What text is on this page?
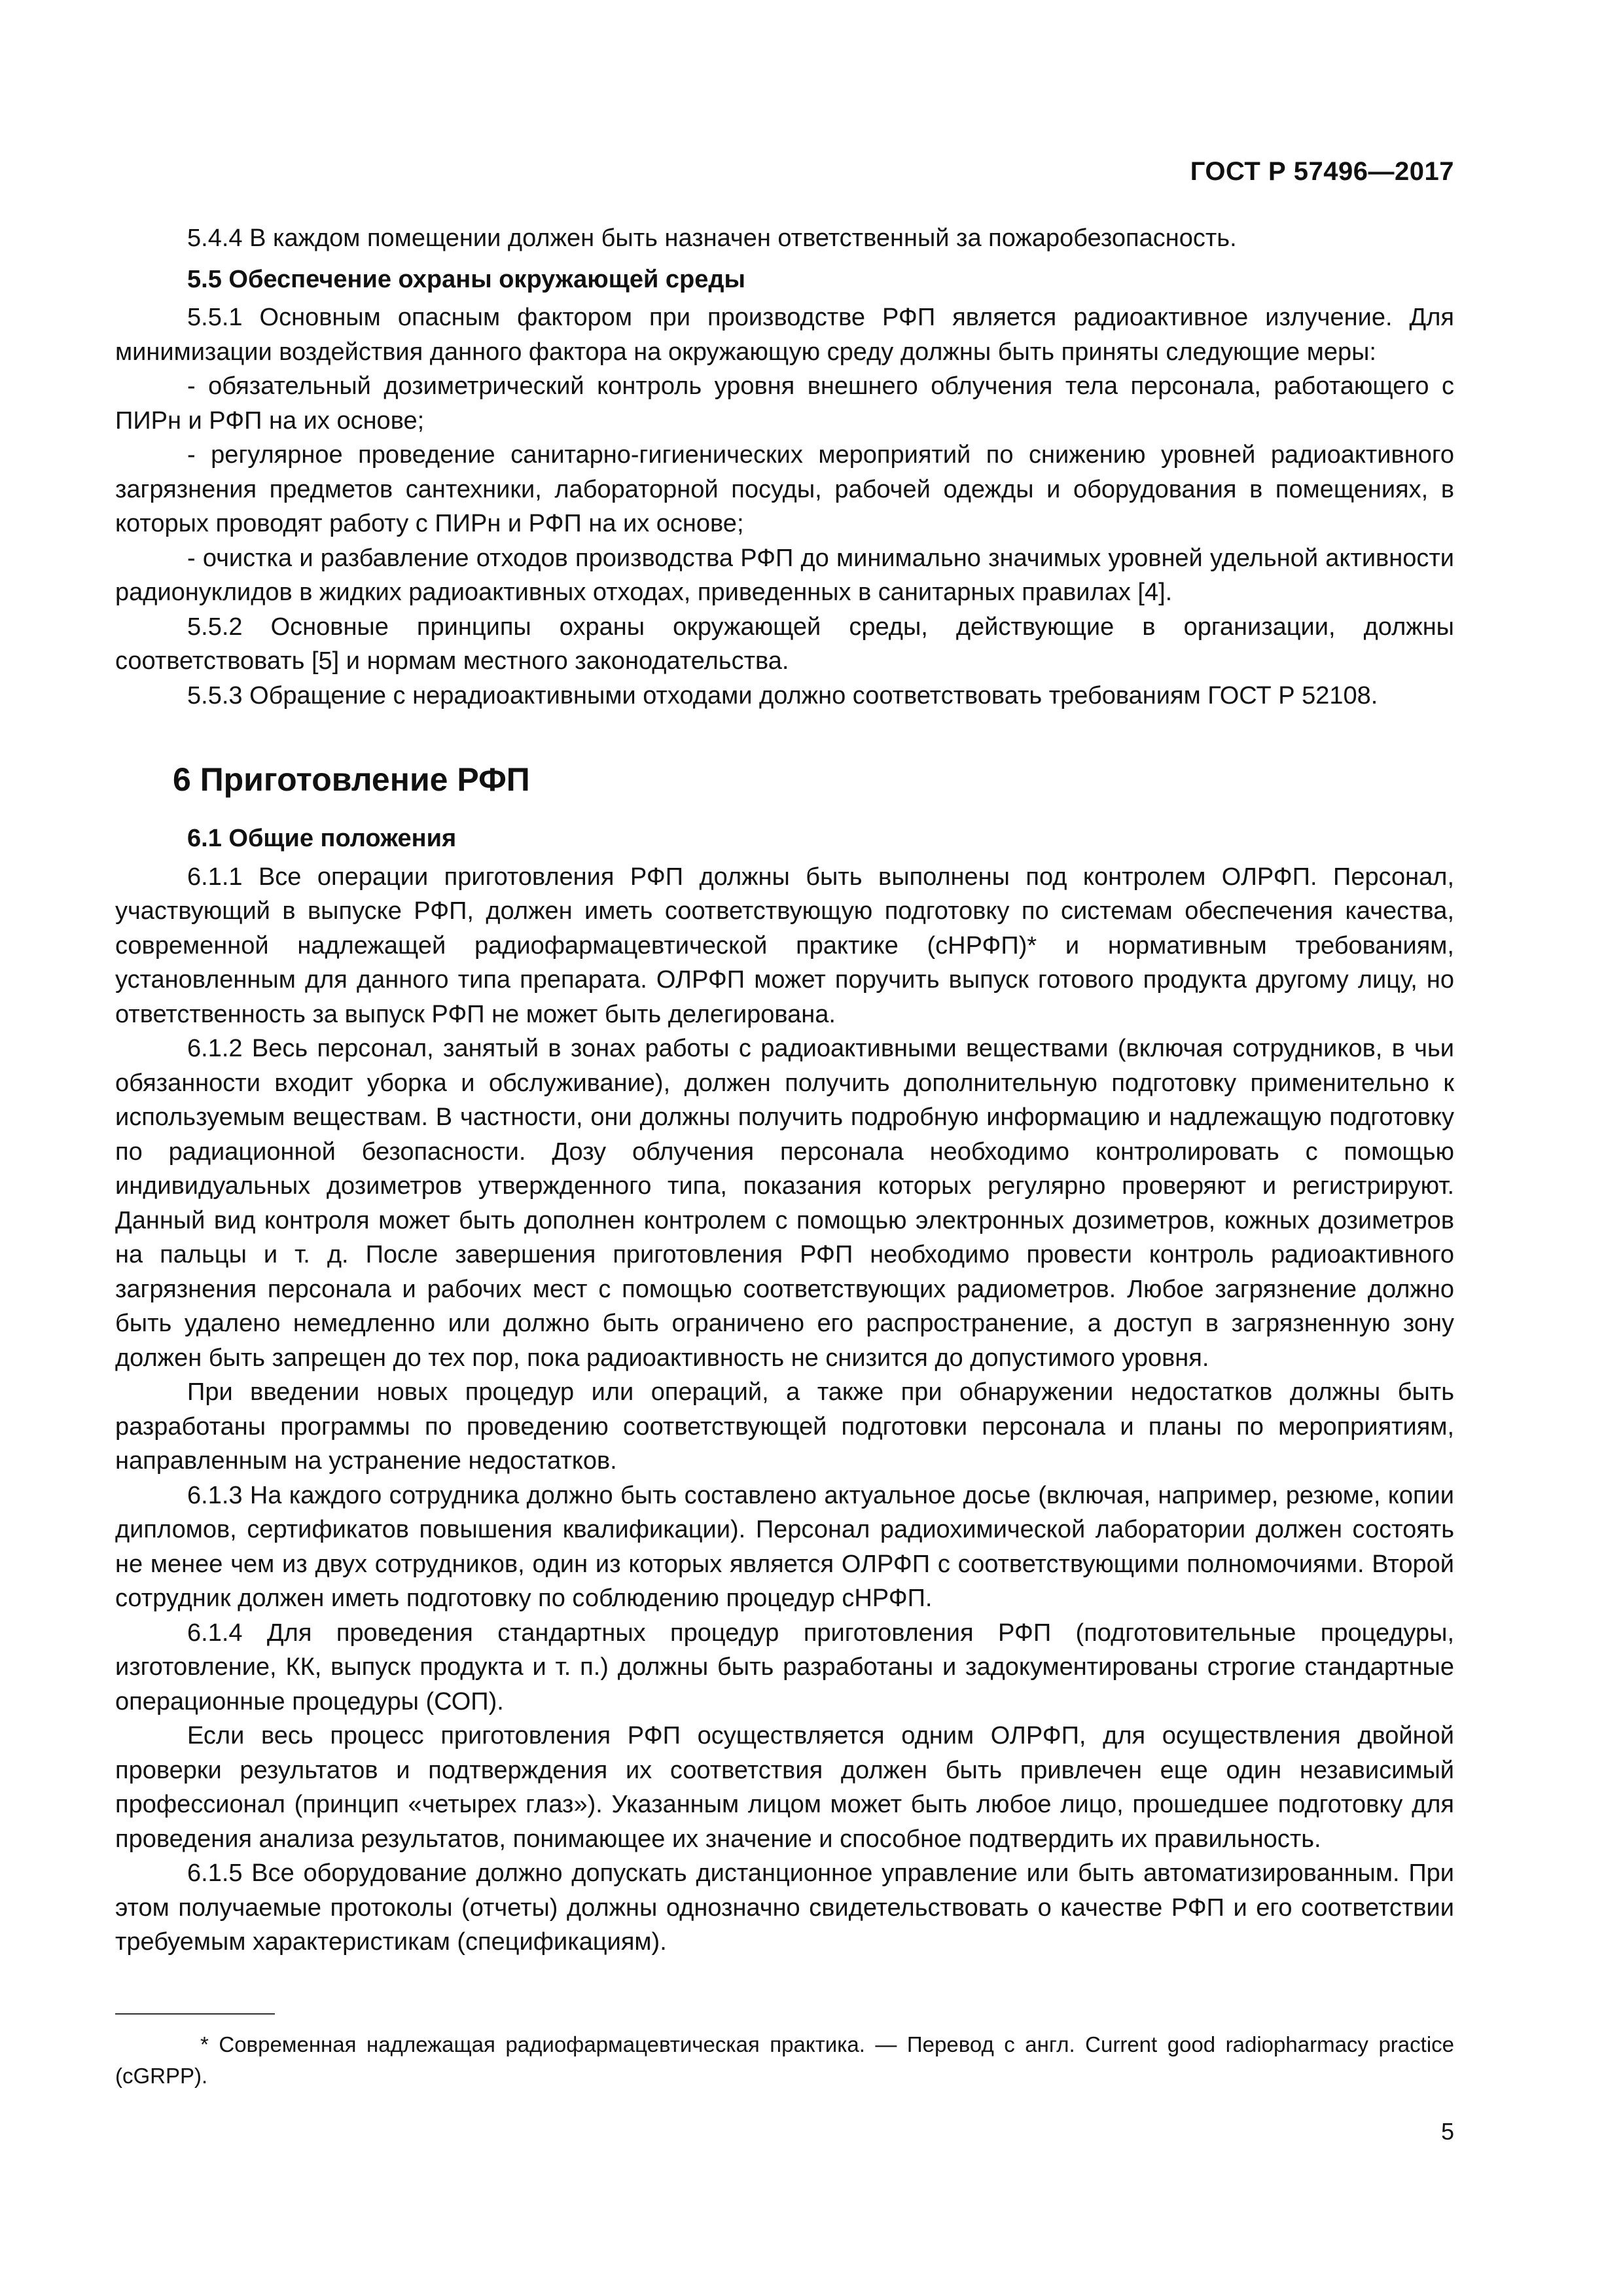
ГОСТ Р 57496—2017

5.4.4 В каждом помещении должен быть назначен ответственный за пожаробезопасность.

5.5 Обеспечение охраны окружающей среды

5.5.1 Основным опасным фактором при производстве РФП является радиоактивное излучение. Для минимизации воздействия данного фактора на окружающую среду должны быть приняты следующие меры:

- обязательный дозиметрический контроль уровня внешнего облучения тела персонала, работающего с ПИРн и РФП на их основе;

- регулярное проведение санитарно-гигиенических мероприятий по снижению уровней радиоактивного загрязнения предметов сантехники, лабораторной посуды, рабочей одежды и оборудования в помещениях, в которых проводят работу с ПИРн и РФП на их основе;

- очистка и разбавление отходов производства РФП до минимально значимых уровней удельной активности радионуклидов в жидких радиоактивных отходах, приведенных в санитарных правилах [4].

5.5.2 Основные принципы охраны окружающей среды, действующие в организации, должны соответствовать [5] и нормам местного законодательства.

5.5.3 Обращение с нерадиоактивными отходами должно соответствовать требованиям ГОСТ Р 52108.

6 Приготовление РФП

6.1 Общие положения

6.1.1 Все операции приготовления РФП должны быть выполнены под контролем ОЛРФП. Персонал, участвующий в выпуске РФП, должен иметь соответствующую подготовку по системам обеспечения качества, современной надлежащей радиофармацевтической практике (сНРФП)* и нормативным требованиям, установленным для данного типа препарата. ОЛРФП может поручить выпуск готового продукта другому лицу, но ответственность за выпуск РФП не может быть делегирована.

6.1.2 Весь персонал, занятый в зонах работы с радиоактивными веществами (включая сотрудников, в чьи обязанности входит уборка и обслуживание), должен получить дополнительную подготовку применительно к используемым веществам. В частности, они должны получить подробную информацию и надлежащую подготовку по радиационной безопасности. Дозу облучения персонала необходимо контролировать с помощью индивидуальных дозиметров утвержденного типа, показания которых регулярно проверяют и регистрируют. Данный вид контроля может быть дополнен контролем с помощью электронных дозиметров, кожных дозиметров на пальцы и т. д. После завершения приготовления РФП необходимо провести контроль радиоактивного загрязнения персонала и рабочих мест с помощью соответствующих радиометров. Любое загрязнение должно быть удалено немедленно или должно быть ограничено его распространение, а доступ в загрязненную зону должен быть запрещен до тех пор, пока радиоактивность не снизится до допустимого уровня.

При введении новых процедур или операций, а также при обнаружении недостатков должны быть разработаны программы по проведению соответствующей подготовки персонала и планы по мероприятиям, направленным на устранение недостатков.

6.1.3 На каждого сотрудника должно быть составлено актуальное досье (включая, например, резюме, копии дипломов, сертификатов повышения квалификации). Персонал радиохимической лаборатории должен состоять не менее чем из двух сотрудников, один из которых является ОЛРФП с соответствующими полномочиями. Второй сотрудник должен иметь подготовку по соблюдению процедур сНРФП.

6.1.4 Для проведения стандартных процедур приготовления РФП (подготовительные процедуры, изготовление, КК, выпуск продукта и т. п.) должны быть разработаны и задокументированы строгие стандартные операционные процедуры (СОП).

Если весь процесс приготовления РФП осуществляется одним ОЛРФП, для осуществления двойной проверки результатов и подтверждения их соответствия должен быть привлечен еще один независимый профессионал (принцип «четырех глаз»). Указанным лицом может быть любое лицо, прошедшее подготовку для проведения анализа результатов, понимающее их значение и способное подтвердить их правильность.

6.1.5 Все оборудование должно допускать дистанционное управление или быть автоматизированным. При этом получаемые протоколы (отчеты) должны однозначно свидетельствовать о качестве РФП и его соответствии требуемым характеристикам (спецификациям).

* Современная надлежащая радиофармацевтическая практика. — Перевод с англ. Current good radiopharmacy practice (cGRPP).

5
